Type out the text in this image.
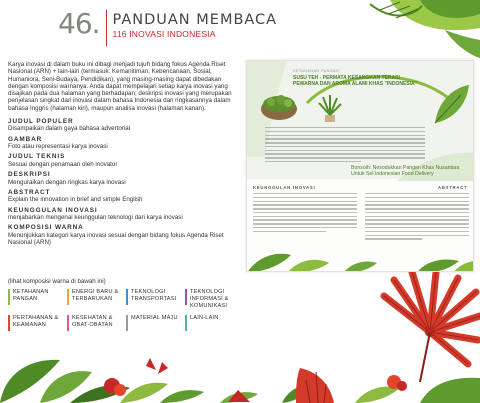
46. PANDUAN MEMBACA
116 INOVASI INDONESIA

Karya inovasi di dalam buku ini dibagi menjadi tujuh bidang fokus Agenda Riset Nasional (ARN) + lain-lain (termasuk: Kemanitiman, Kebencanaan, Sosial, Humaniora, Seni-Budaya, Pendidikan), yang masing-masing dapat dibedakan dengan komposisi warnanya. Anda dapat mempelajari setiap karya inovasi yang disajikan pada dua halaman yang berhadapan; deskripsi inovasi yang merupakan penjelasan singkat dari inovasi dalam bahasa Indonesia dan ringkasannya dalam bahasa Inggris (halaman kiri), maupun analisa inovasi (halaman kanan).

JUDUL POPULER
Disampaikan dalam gaya bahasa advertorial
GAMBAR
Foto atau representasi karya inovasi
JUDUL TEKNIS
Sesuai dengan penamaan oleh inovator
DESKRIPSI
Menguraikan dengan ringkas karya inovasi
ABSTRACT
Explain the innovation in brief and simple English
KEUNGGULAN INOVASI
menjabarkan mengenai keunggulan teknologi dari karya inovasi
KOMPOSISI WARNA
Menunjukkan kategori karya inovasi sesuai dengan bidang fokus Agenda Riset Nasional (ARN)
(lihat komposisi warna di bawah ini)
KETAHANAN PANGAN
ENERGI BARU & TERBARUKAN
TEKNOLOGI TRANSPORTASI
TEKNOLOGI INFORMASI & KOMUNIKASI
PERTAHANAN & KEAMANAN
KESEHATAN & OBAT-OBATAN
MATERIAL MAJU LAIN-LAIN
KETAHANAN PANGAN
SUSU TEH - PERMATA KESANGKAN TERASI PEWARNA DAN AROMA ALAMI KHAS "INDONESIA"
Bonsoih: Nesodukkan Pangan Khas Nusantara Untuk Sel Indonesian Food Delivery
KEUNGGULAN INOVASI	ABSTRACT
